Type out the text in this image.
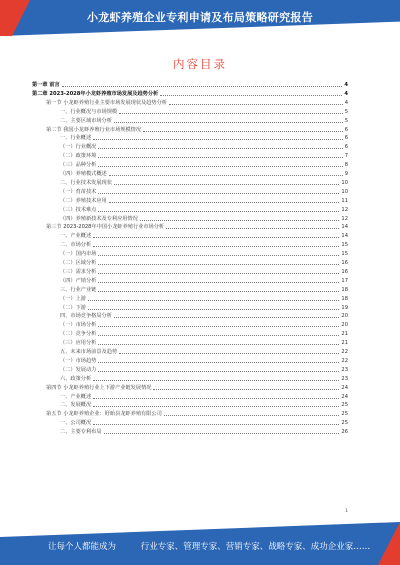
小龙虾养殖企业专利申请及布局策略研究报告
内容目录
第一章 前言	4
第二章 2023-2028年小龙虾养殖市场发展及趋势分析	4
第一节 小龙虾养殖行业主要市场发展现状及趋势分析	4
一、行业概况与市场规模	5
二、主要区域市场分析	5
第二节 我国小龙虾养殖行业市场规模情况	6
一、行业概述	6
（一）行业概况	6
（二）政策环境	7
（三）品种分析	8
（四）养殖模式概述	9
二、行业技术发展现状	10
（一）育苗技术	10
（二）养殖技术应用	11
（三）技术难点	12
（四）养殖新技术及专利应用情况	12
第三节 2023-2028年中国小龙虾养殖行业市场分析	14
一、产业概述	14
二、市场分析	15
（一）国内市场	15
（二）区域分析	16
（三）需求分析	16
（四）产销分析	17
三、行业产业链	18
（一）上游	18
（二）下游	19
四、市场竞争格局分析	20
（一）市场分析	20
（二）竞争分析	21
（三）应用分析	21
五、未来市场前景及趋势	22
（一）市场趋势	22
（二）发展动力	23
六、政策分析	23
第四节 小龙虾养殖行业上下游产业链发展情况	24
一、产业概述	24
二、发展概况	25
第五节 小龙虾养殖企业：盱眙县龙虾养殖有限公司	25
一、公司概况	25
二、主要专利布局	26
1
让每个人都能成为	行业专家、管理专家、营销专家、战略专家、成功企业家……
